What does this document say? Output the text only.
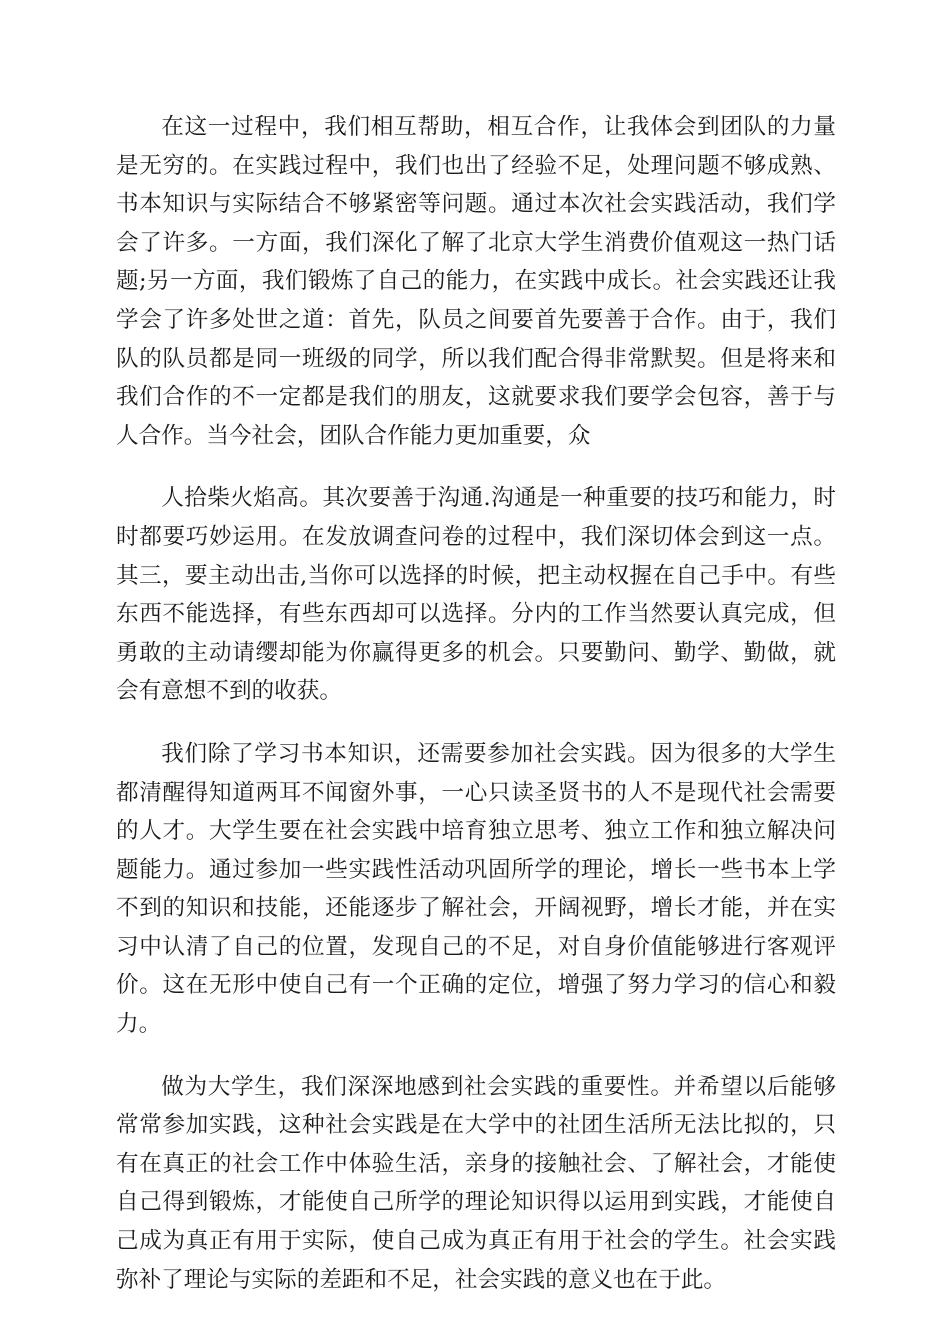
在这一过程中，我们相互帮助，相互合作，让我体会到团队的力量是无穷的。在实践过程中，我们也出了经验不足，处理问题不够成熟、书本知识与实际结合不够紧密等问题。通过本次社会实践活动，我们学会了许多。一方面，我们深化了解了北京大学生消费价值观这一热门话题;另一方面，我们锻炼了自己的能力，在实践中成长。社会实践还让我学会了许多处世之道：首先，队员之间要首先要善于合作。由于，我们队的队员都是同一班级的同学，所以我们配合得非常默契。但是将来和我们合作的不一定都是我们的朋友，这就要求我们要学会包容，善于与人合作。当今社会，团队合作能力更加重要，众

人拾柴火焰高。其次要善于沟通.沟通是一种重要的技巧和能力，时时都要巧妙运用。在发放调查问卷的过程中，我们深切体会到这一点。其三，要主动出击,当你可以选择的时候，把主动权握在自己手中。有些东西不能选择，有些东西却可以选择。分内的工作当然要认真完成，但勇敢的主动请缨却能为你赢得更多的机会。只要勤问、勤学、勤做，就会有意想不到的收获。

我们除了学习书本知识，还需要参加社会实践。因为很多的大学生都清醒得知道两耳不闻窗外事，一心只读圣贤书的人不是现代社会需要的人才。大学生要在社会实践中培育独立思考、独立工作和独立解决问题能力。通过参加一些实践性活动巩固所学的理论，增长一些书本上学不到的知识和技能，还能逐步了解社会，开阔视野，增长才能，并在实习中认清了自己的位置，发现自己的不足，对自身价值能够进行客观评价。这在无形中使自己有一个正确的定位，增强了努力学习的信心和毅力。

做为大学生，我们深深地感到社会实践的重要性。并希望以后能够常常参加实践，这种社会实践是在大学中的社团生活所无法比拟的，只有在真正的社会工作中体验生活，亲身的接触社会、了解社会，才能使自己得到锻炼，才能使自己所学的理论知识得以运用到实践，才能使自己成为真正有用于实际，使自己成为真正有用于社会的学生。社会实践弥补了理论与实际的差距和不足，社会实践的意义也在于此。
